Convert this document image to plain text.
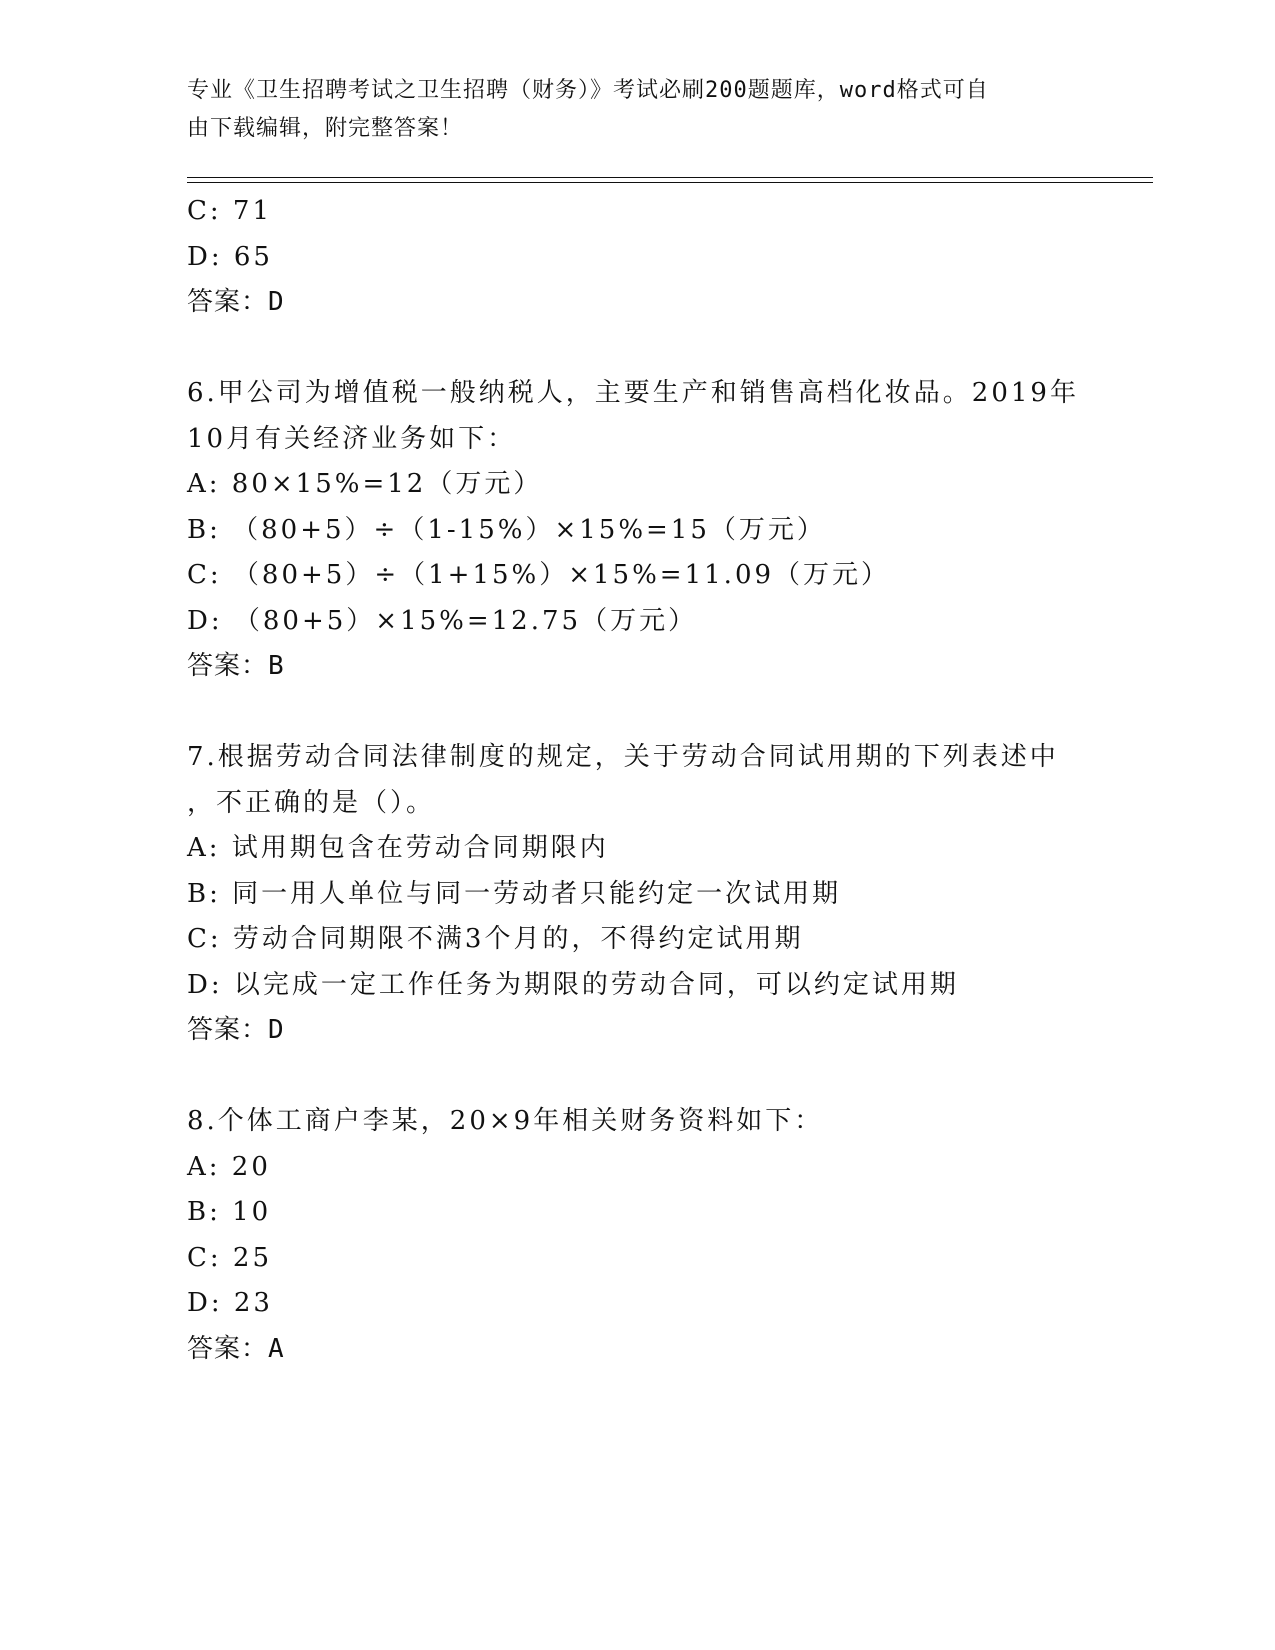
专业《卫生招聘考试之卫生招聘（财务）》考试必刷200题题库，word格式可自
由下载编辑，附完整答案！
C: 71
D: 65
答案：D
6.甲公司为增值税一般纳税人，主要生产和销售高档化妆品。2019年
10月有关经济业务如下：
A: 80×15%=12（万元）
B: （80+5）÷（1-15%）×15%=15（万元）
C: （80+5）÷（1+15%）×15%=11.09（万元）
D: （80+5）×15%=12.75（万元）
答案：B
7.根据劳动合同法律制度的规定，关于劳动合同试用期的下列表述中
，不正确的是（）。
A: 试用期包含在劳动合同期限内
B: 同一用人单位与同一劳动者只能约定一次试用期
C: 劳动合同期限不满3个月的，不得约定试用期
D: 以完成一定工作任务为期限的劳动合同，可以约定试用期
答案：D
8.个体工商户李某，20×9年相关财务资料如下：
A: 20
B: 10
C: 25
D: 23
答案：A
